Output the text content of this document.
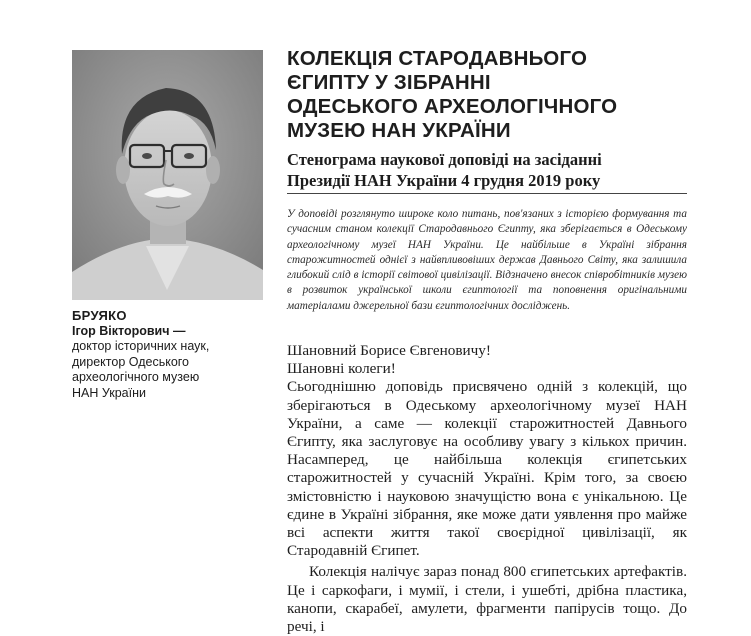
БРУЯКО
Ігор Вікторович —
доктор історичних наук,
директор Одеського
археологічного музею
НАН України
КОЛЕКЦІЯ СТАРОДАВНЬОГО
ЄГИПТУ У ЗІБРАННІ
ОДЕСЬКОГО АРХЕОЛОГІЧНОГО
МУЗЕЮ НАН УКРАЇНИ
Стенограма наукової доповіді на засіданні
Президії НАН України 4 грудня 2019 року
У доповіді розглянуто широке коло питань, пов'язаних з історією формування та сучасним станом колекції Стародавнього Єгипту, яка зберігається в Одеському археологічному музеї НАН України. Це найбільше в Україні зібрання старожитностей однієї з найвпливовіших держав Давнього Світу, яка залишила глибокий слід в історії світової цивілізації. Відзначено внесок співробітників музею в розвиток української школи єгиптології та поповнення оригінальними матеріалами джерельної бази єгиптологічних досліджень.

Шановний Борисе Євгеновичу!

Шановні колеги!

Сьогоднішню доповідь присвячено одній з колекцій, що зберігаються в Одеському археологічному музеї НАН України, а саме — колекції старожитностей Давнього Єгипту, яка заслуговує на особливу увагу з кількох причин. Насамперед, це найбільша колекція єгипетських старожитностей у сучасній Україні. Крім того, за своєю змістовністю і науковою значущістю вона є унікальною. Це єдине в Україні зібрання, яке може дати уявлення про майже всі аспекти життя такої своєрідної цивілізації, як Стародавній Єгипет.

Колекція налічує зараз понад 800 єгипетських артефактів. Це і саркофаги, і мумії, і стели, і ушебті, дрібна пластика, канопи, скарабеї, амулети, фрагменти папірусів тощо. До речі, і
